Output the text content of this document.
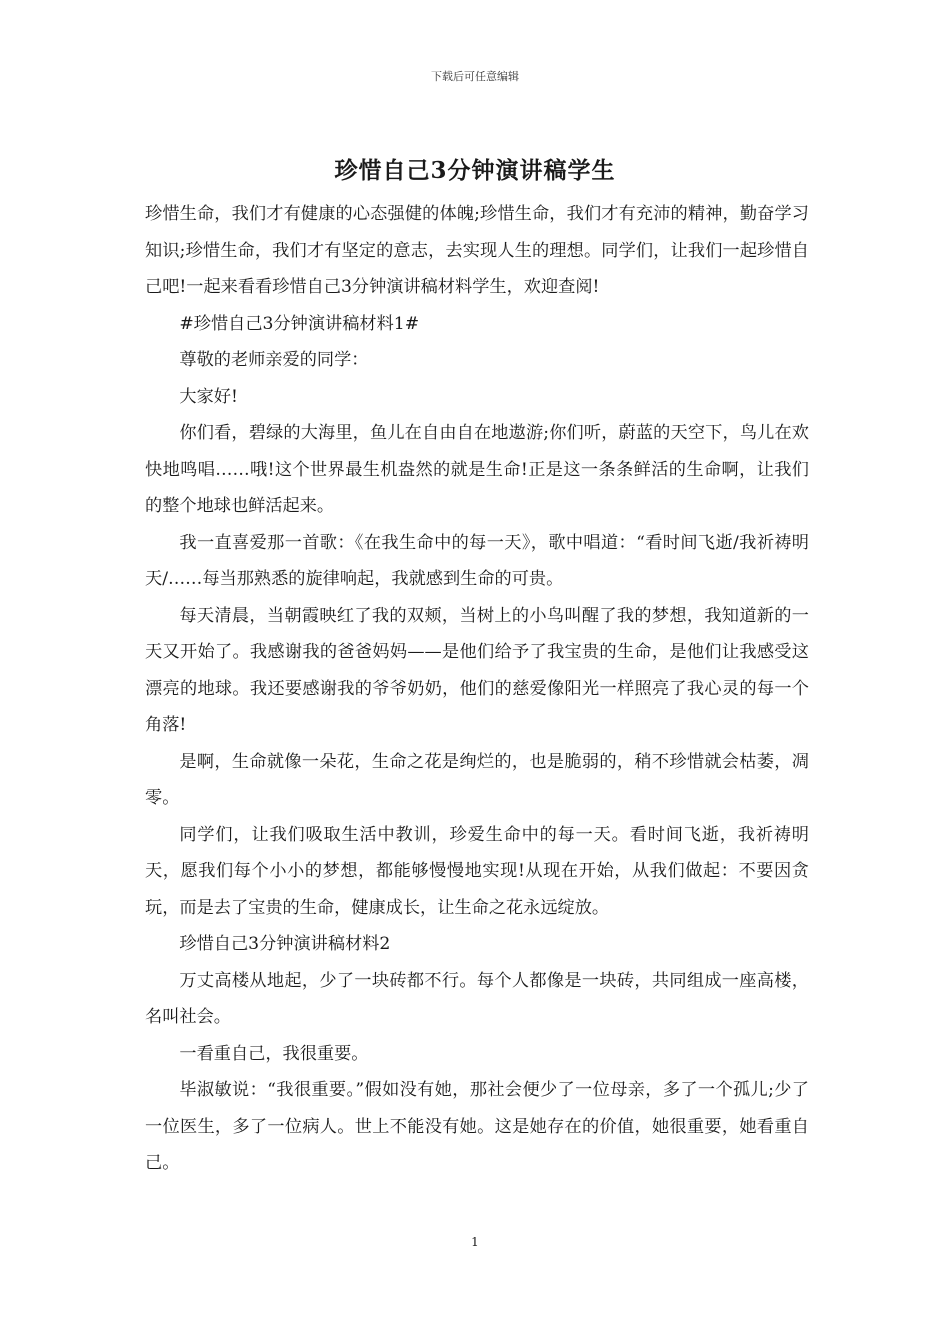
下载后可任意编辑
珍惜自己3分钟演讲稿学生

珍惜生命，我们才有健康的心态强健的体魄;珍惜生命，我们才有充沛的精神，勤奋学习知识;珍惜生命，我们才有坚定的意志，去实现人生的理想。同学们，让我们一起珍惜自己吧!一起来看看珍惜自己3分钟演讲稿材料学生，欢迎查阅!

#珍惜自己3分钟演讲稿材料1#

尊敬的老师亲爱的同学：

大家好!

你们看，碧绿的大海里，鱼儿在自由自在地遨游;你们听，蔚蓝的天空下，鸟儿在欢快地鸣唱……哦!这个世界最生机盎然的就是生命!正是这一条条鲜活的生命啊，让我们的整个地球也鲜活起来。

我一直喜爱那一首歌：《在我生命中的每一天》，歌中唱道：“看时间飞逝/我祈祷明天/……每当那熟悉的旋律响起，我就感到生命的可贵。

每天清晨，当朝霞映红了我的双颊，当树上的小鸟叫醒了我的梦想，我知道新的一天又开始了。我感谢我的爸爸妈妈——是他们给予了我宝贵的生命，是他们让我感受这漂亮的地球。我还要感谢我的爷爷奶奶，他们的慈爱像阳光一样照亮了我心灵的每一个角落!

是啊，生命就像一朵花，生命之花是绚烂的，也是脆弱的，稍不珍惜就会枯萎，凋零。

同学们，让我们吸取生活中教训，珍爱生命中的每一天。看时间飞逝，我祈祷明天，愿我们每个小小的梦想，都能够慢慢地实现!从现在开始，从我们做起：不要因贪玩，而是去了宝贵的生命，健康成长，让生命之花永远绽放。

珍惜自己3分钟演讲稿材料2

万丈高楼从地起，少了一块砖都不行。每个人都像是一块砖，共同组成一座高楼，名叫社会。

一看重自己，我很重要。

毕淑敏说：“我很重要。”假如没有她，那社会便少了一位母亲，多了一个孤儿;少了一位医生，多了一位病人。世上不能没有她。这是她存在的价值，她很重要，她看重自己。

1
